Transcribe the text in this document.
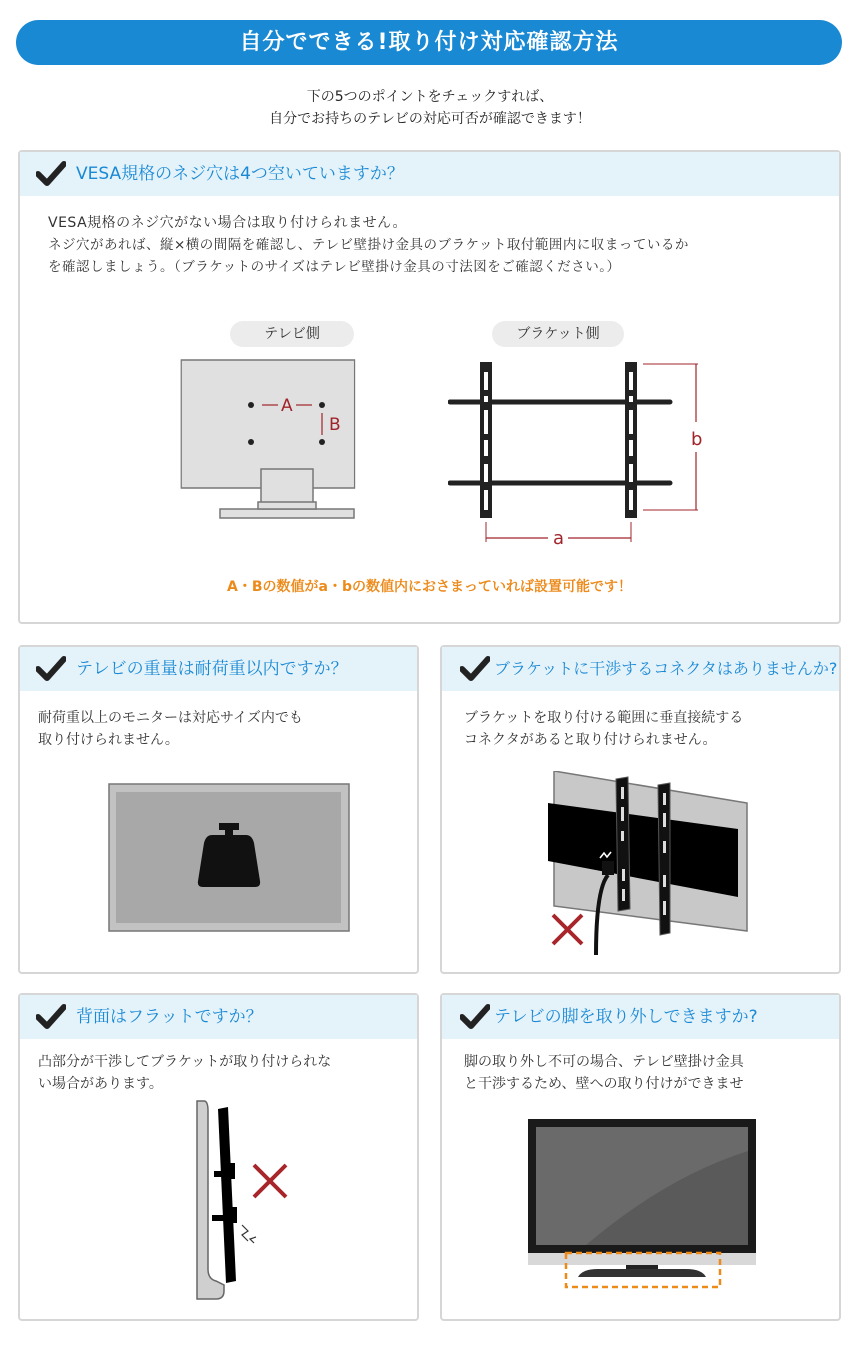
自分でできる!取り付け対応確認方法
下の5つのポイントをチェックすれば、
自分でお持ちのテレビの対応可否が確認できます！
VESA規格のネジ穴は4つ空いていますか？
VESA規格のネジ穴がない場合は取り付けられません。
ネジ穴があれば、縦×横の間隔を確認し、テレビ壁掛け金具のブラケット取付範囲内に収まっているか
を確認しましょう。（ブラケットのサイズはテレビ壁掛け金具の寸法図をご確認ください。）
テレビ側	ブラケット側
A
B
b
a
A・Bの数値がa・bの数値内におさまっていれば設置可能です！
テレビの重量は耐荷重以内ですか？
耐荷重以上のモニターは対応サイズ内でも
取り付けられません。
ブラケットに干渉するコネクタはありませんか?
ブラケットを取り付ける範囲に垂直接続する
コネクタがあると取り付けられません。
背面はフラットですか？
凸部分が干渉してブラケットが取り付けられな
い場合があります。
テレビの脚を取り外しできますか?
脚の取り外し不可の場合、テレビ壁掛け金具
と干渉するため、壁への取り付けができませ
